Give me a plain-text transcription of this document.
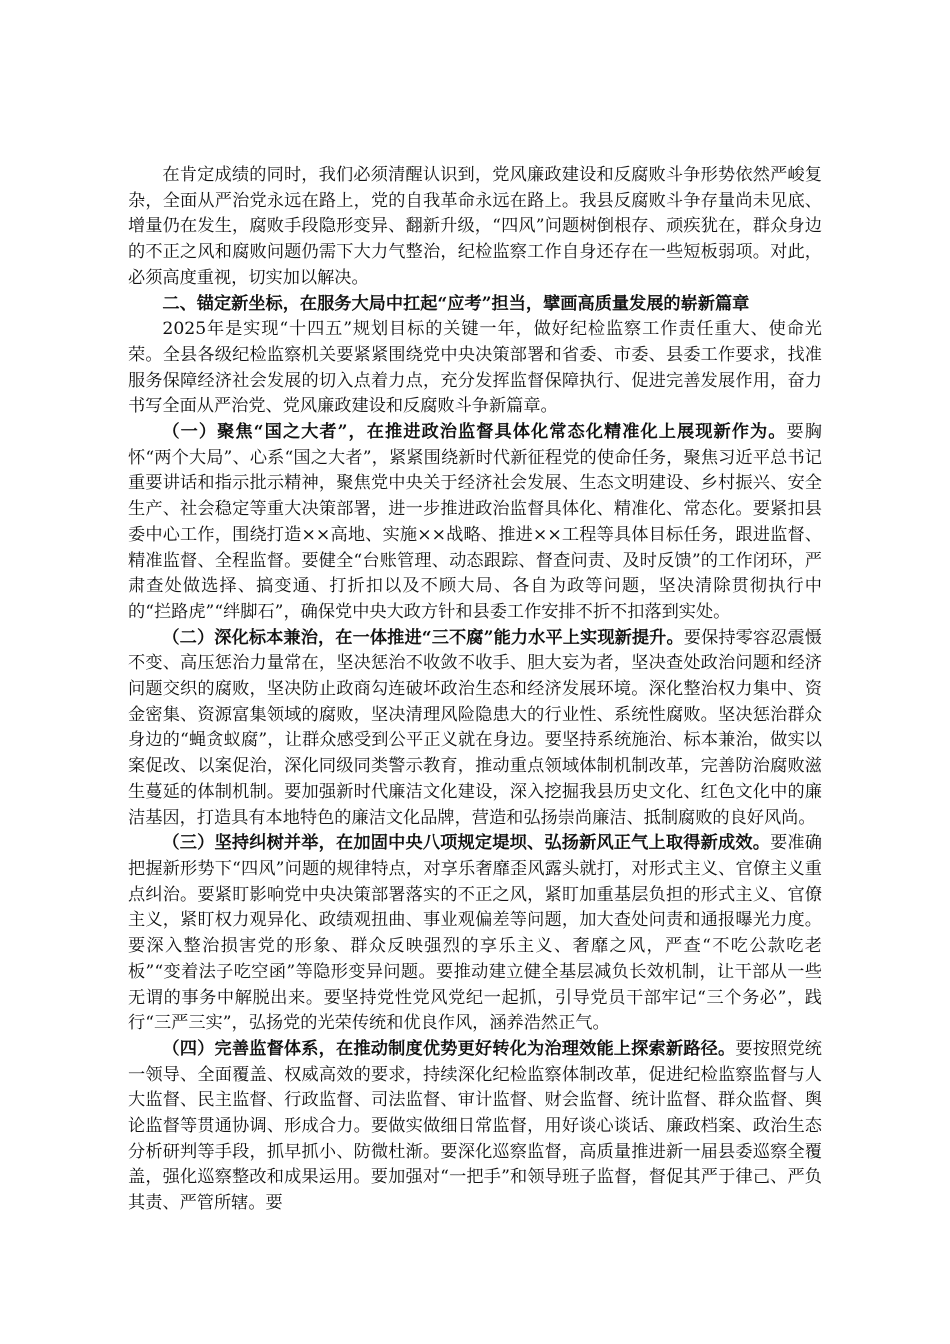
在肯定成绩的同时，我们必须清醒认识到，党风廉政建设和反腐败斗争形势依然严峻复杂，全面从严治党永远在路上，党的自我革命永远在路上。我县反腐败斗争存量尚未见底、增量仍在发生，腐败手段隐形变异、翻新升级，“四风”问题树倒根存、顽疾犹在，群众身边的不正之风和腐败问题仍需下大力气整治，纪检监察工作自身还存在一些短板弱项。对此，必须高度重视，切实加以解决。

二、锚定新坐标，在服务大局中扛起“应考”担当，擘画高质量发展的崭新篇章

2025年是实现“十四五”规划目标的关键一年，做好纪检监察工作责任重大、使命光荣。全县各级纪检监察机关要紧紧围绕党中央决策部署和省委、市委、县委工作要求，找准服务保障经济社会发展的切入点着力点，充分发挥监督保障执行、促进完善发展作用，奋力书写全面从严治党、党风廉政建设和反腐败斗争新篇章。

（一）聚焦“国之大者”，在推进政治监督具体化常态化精准化上展现新作为。要胸怀“两个大局”、心系“国之大者”，紧紧围绕新时代新征程党的使命任务，聚焦习近平总书记重要讲话和指示批示精神，聚焦党中央关于经济社会发展、生态文明建设、乡村振兴、安全生产、社会稳定等重大决策部署，进一步推进政治监督具体化、精准化、常态化。要紧扣县委中心工作，围绕打造××高地、实施××战略、推进××工程等具体目标任务，跟进监督、精准监督、全程监督。要健全“台账管理、动态跟踪、督查问责、及时反馈”的工作闭环，严肃查处做选择、搞变通、打折扣以及不顾大局、各自为政等问题，坚决清除贯彻执行中的“拦路虎”“绊脚石”，确保党中央大政方针和县委工作安排不折不扣落到实处。

（二）深化标本兼治，在一体推进“三不腐”能力水平上实现新提升。要保持零容忍震慑不变、高压惩治力量常在，坚决惩治不收敛不收手、胆大妄为者，坚决查处政治问题和经济问题交织的腐败，坚决防止政商勾连破坏政治生态和经济发展环境。深化整治权力集中、资金密集、资源富集领域的腐败，坚决清理风险隐患大的行业性、系统性腐败。坚决惩治群众身边的“蝇贪蚁腐”，让群众感受到公平正义就在身边。要坚持系统施治、标本兼治，做实以案促改、以案促治，深化同级同类警示教育，推动重点领域体制机制改革，完善防治腐败滋生蔓延的体制机制。要加强新时代廉洁文化建设，深入挖掘我县历史文化、红色文化中的廉洁基因，打造具有本地特色的廉洁文化品牌，营造和弘扬崇尚廉洁、抵制腐败的良好风尚。

（三）坚持纠树并举，在加固中央八项规定堤坝、弘扬新风正气上取得新成效。要准确把握新形势下“四风”问题的规律特点，对享乐奢靡歪风露头就打，对形式主义、官僚主义重点纠治。要紧盯影响党中央决策部署落实的不正之风，紧盯加重基层负担的形式主义、官僚主义，紧盯权力观异化、政绩观扭曲、事业观偏差等问题，加大查处问责和通报曝光力度。要深入整治损害党的形象、群众反映强烈的享乐主义、奢靡之风，严查“不吃公款吃老板”“变着法子吃空函”等隐形变异问题。要推动建立健全基层减负长效机制，让干部从一些无谓的事务中解脱出来。要坚持党性党风党纪一起抓，引导党员干部牢记“三个务必”，践行“三严三实”，弘扬党的光荣传统和优良作风，涵养浩然正气。

（四）完善监督体系，在推动制度优势更好转化为治理效能上探索新路径。要按照党统一领导、全面覆盖、权威高效的要求，持续深化纪检监察体制改革，促进纪检监察监督与人大监督、民主监督、行政监督、司法监督、审计监督、财会监督、统计监督、群众监督、舆论监督等贯通协调、形成合力。要做实做细日常监督，用好谈心谈话、廉政档案、政治生态分析研判等手段，抓早抓小、防微杜渐。要深化巡察监督，高质量推进新一届县委巡察全覆盖，强化巡察整改和成果运用。要加强对“一把手”和领导班子监督，督促其严于律己、严负其责、严管所辖。要
